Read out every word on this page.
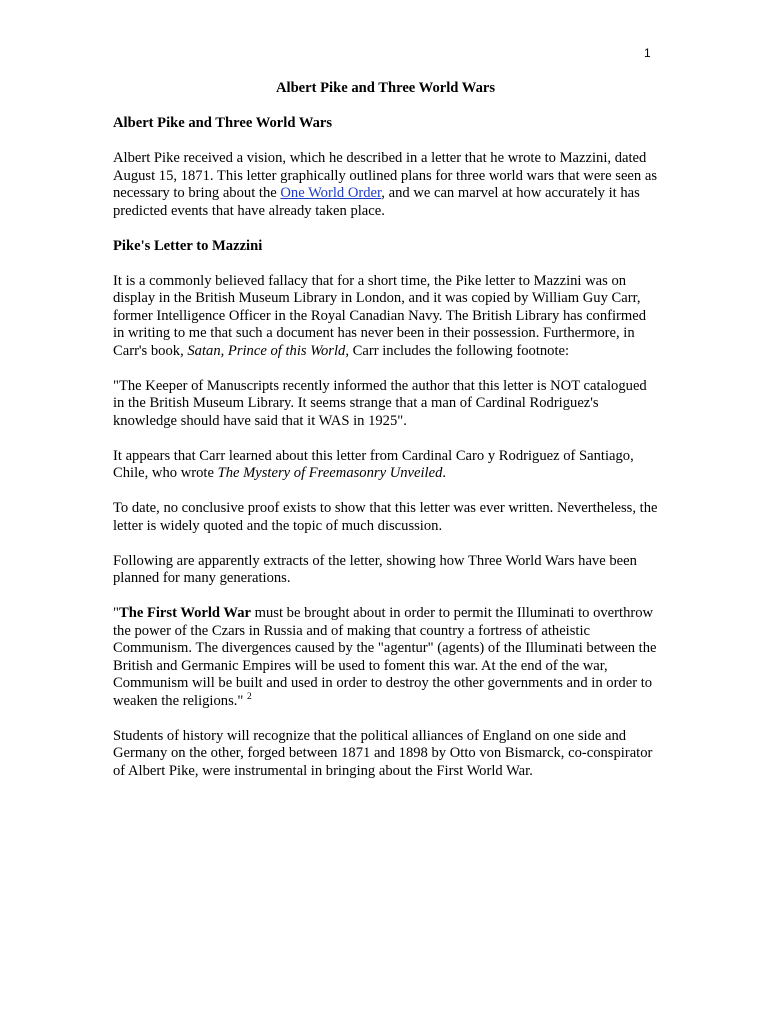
1
Albert Pike and Three World Wars
Albert Pike and Three World Wars

Albert Pike received a vision, which he described in a letter that he wrote to Mazzini, dated August 15, 1871. This letter graphically outlined plans for three world wars that were seen as necessary to bring about the One World Order, and we can marvel at how accurately it has predicted events that have already taken place.

Pike's Letter to Mazzini

It is a commonly believed fallacy that for a short time, the Pike letter to Mazzini was on display in the British Museum Library in London, and it was copied by William Guy Carr, former Intelligence Officer in the Royal Canadian Navy. The British Library has confirmed in writing to me that such a document has never been in their possession. Furthermore, in Carr's book, Satan, Prince of this World, Carr includes the following footnote:

"The Keeper of Manuscripts recently informed the author that this letter is NOT catalogued in the British Museum Library. It seems strange that a man of Cardinal Rodriguez's knowledge should have said that it WAS in 1925".

It appears that Carr learned about this letter from Cardinal Caro y Rodriguez of Santiago, Chile, who wrote The Mystery of Freemasonry Unveiled.

To date, no conclusive proof exists to show that this letter was ever written. Nevertheless, the letter is widely quoted and the topic of much discussion.

Following are apparently extracts of the letter, showing how Three World Wars have been planned for many generations.

"The First World War must be brought about in order to permit the Illuminati to overthrow the power of the Czars in Russia and of making that country a fortress of atheistic Communism. The divergences caused by the "agentur" (agents) of the Illuminati between the British and Germanic Empires will be used to foment this war. At the end of the war, Communism will be built and used in order to destroy the other governments and in order to weaken the religions." $^2$

Students of history will recognize that the political alliances of England on one side and Germany on the other, forged between 1871 and 1898 by Otto von Bismarck, co-conspirator of Albert Pike, were instrumental in bringing about the First World War.
